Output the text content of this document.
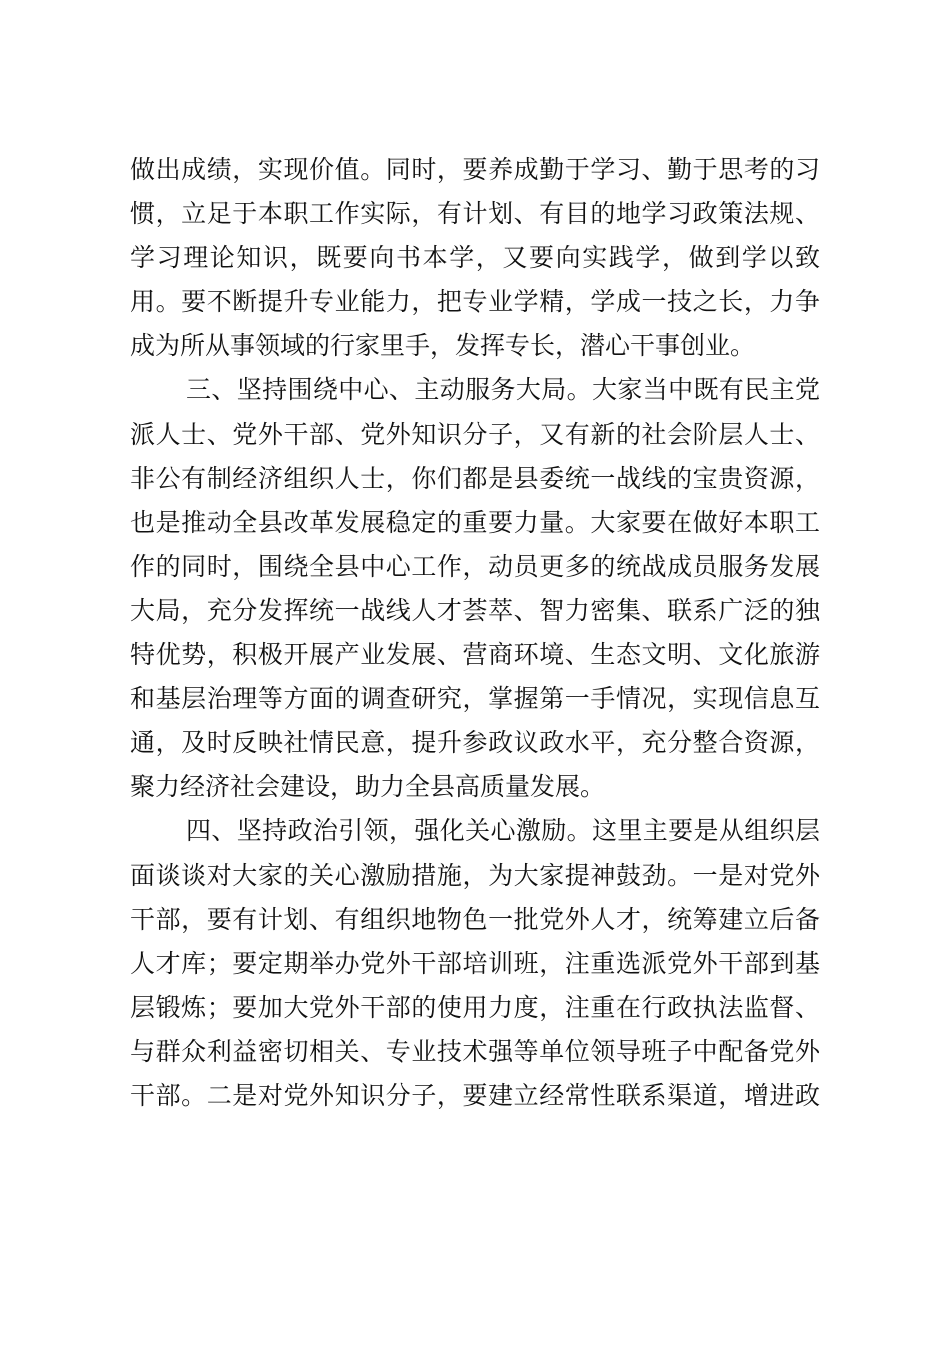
做出成绩，实现价值。同时，要养成勤于学习、勤于思考的习
惯，立足于本职工作实际，有计划、有目的地学习政策法规、
学习理论知识，既要向书本学，又要向实践学，做到学以致
用。要不断提升专业能力，把专业学精，学成一技之长，力争
成为所从事领域的行家里手，发挥专长，潜心干事创业。
三、坚持围绕中心、主动服务大局。大家当中既有民主党
派人士、党外干部、党外知识分子，又有新的社会阶层人士、
非公有制经济组织人士，你们都是县委统一战线的宝贵资源，
也是推动全县改革发展稳定的重要力量。大家要在做好本职工
作的同时，围绕全县中心工作，动员更多的统战成员服务发展
大局，充分发挥统一战线人才荟萃、智力密集、联系广泛的独
特优势，积极开展产业发展、营商环境、生态文明、文化旅游
和基层治理等方面的调查研究，掌握第一手情况，实现信息互
通，及时反映社情民意，提升参政议政水平，充分整合资源，
聚力经济社会建设，助力全县高质量发展。
四、坚持政治引领，强化关心激励。这里主要是从组织层
面谈谈对大家的关心激励措施，为大家提神鼓劲。一是对党外
干部，要有计划、有组织地物色一批党外人才，统筹建立后备
人才库；要定期举办党外干部培训班，注重选派党外干部到基
层锻炼；要加大党外干部的使用力度，注重在行政执法监督、
与群众利益密切相关、专业技术强等单位领导班子中配备党外
干部。二是对党外知识分子，要建立经常性联系渠道，增进政
